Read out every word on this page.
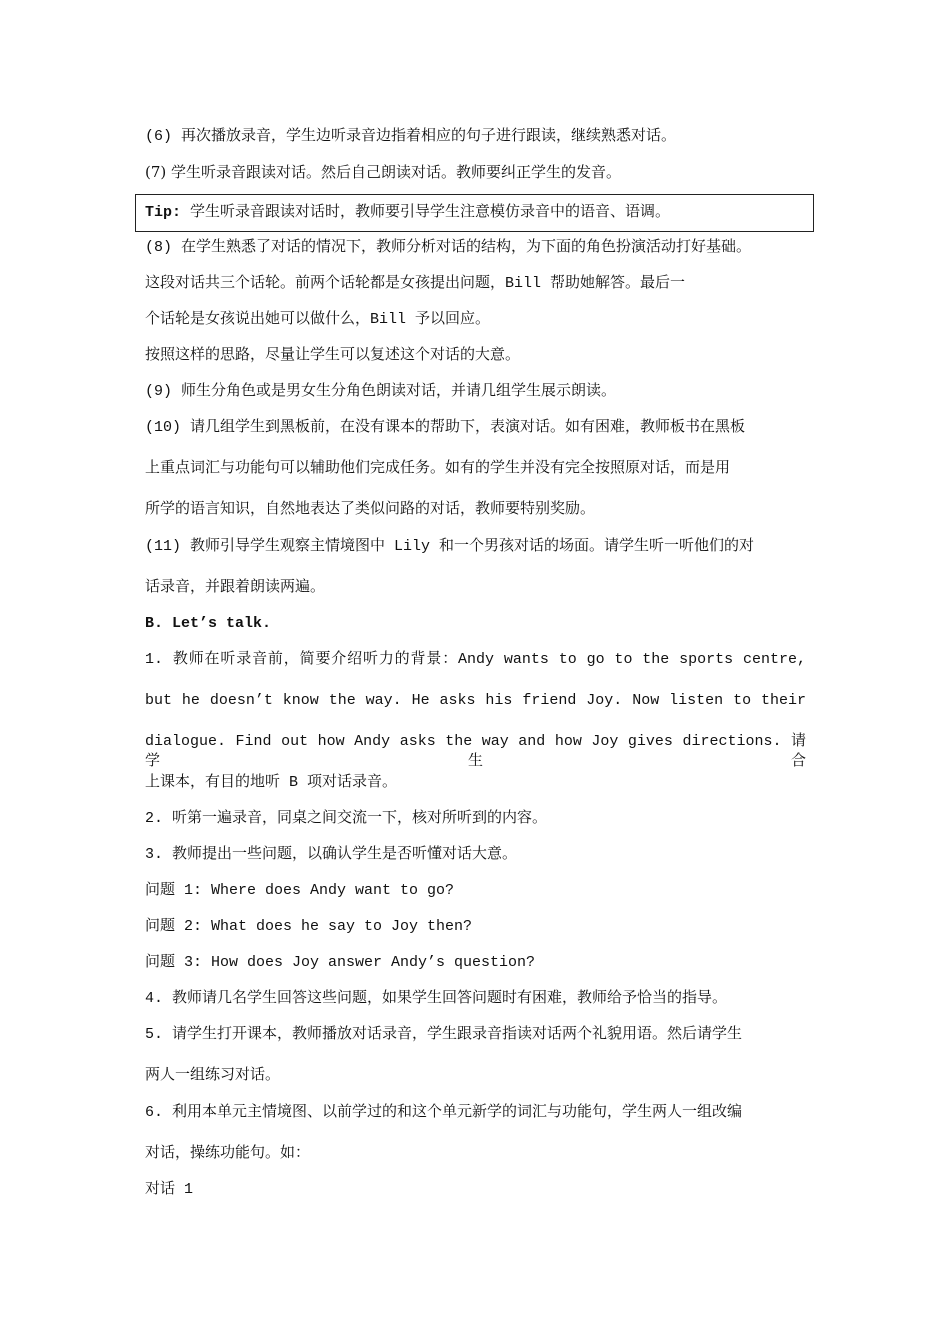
(6) 再次播放录音，学生边听录音边指着相应的句子进行跟读，继续熟悉对话。
(7) 学生听录音跟读对话。然后自己朗读对话。教师要纠正学生的发音。
Tip: 学生听录音跟读对话时，教师要引导学生注意模仿录音中的语音、语调。
(8) 在学生熟悉了对话的情况下，教师分析对话的结构，为下面的角色扮演活动打好基础。
这段对话共三个话轮。前两个话轮都是女孩提出问题，Bill 帮助她解答。最后一
个话轮是女孩说出她可以做什么，Bill 予以回应。
按照这样的思路，尽量让学生可以复述这个对话的大意。
(9) 师生分角色或是男女生分角色朗读对话，并请几组学生展示朗读。
(10) 请几组学生到黑板前，在没有课本的帮助下，表演对话。如有困难，教师板书在黑板
上重点词汇与功能句可以辅助他们完成任务。如有的学生并没有完全按照原对话，而是用
所学的语言知识，自然地表达了类似问路的对话，教师要特别奖励。
(11) 教师引导学生观察主情境图中 Lily 和一个男孩对话的场面。请学生听一听他们的对
话录音，并跟着朗读两遍。
B. Let’s talk.
1. 教师在听录音前，简要介绍听力的背景：Andy wants to go to the sports centre,
but he doesn’t know the way. He asks his friend Joy. Now listen to their
dialogue. Find out how Andy asks the way and how Joy gives directions. 请学生合
上课本，有目的地听 B 项对话录音。
2. 听第一遍录音，同桌之间交流一下，核对所听到的内容。
3. 教师提出一些问题，以确认学生是否听懂对话大意。
问题 1: Where does Andy want to go?
问题 2: What does he say to Joy then?
问题 3: How does Joy answer Andy’s question?
4. 教师请几名学生回答这些问题，如果学生回答问题时有困难，教师给予恰当的指导。
5. 请学生打开课本，教师播放对话录音，学生跟录音指读对话两个礼貌用语。然后请学生
两人一组练习对话。
6. 利用本单元主情境图、以前学过的和这个单元新学的词汇与功能句，学生两人一组改编
对话，操练功能句。如：
对话 1
